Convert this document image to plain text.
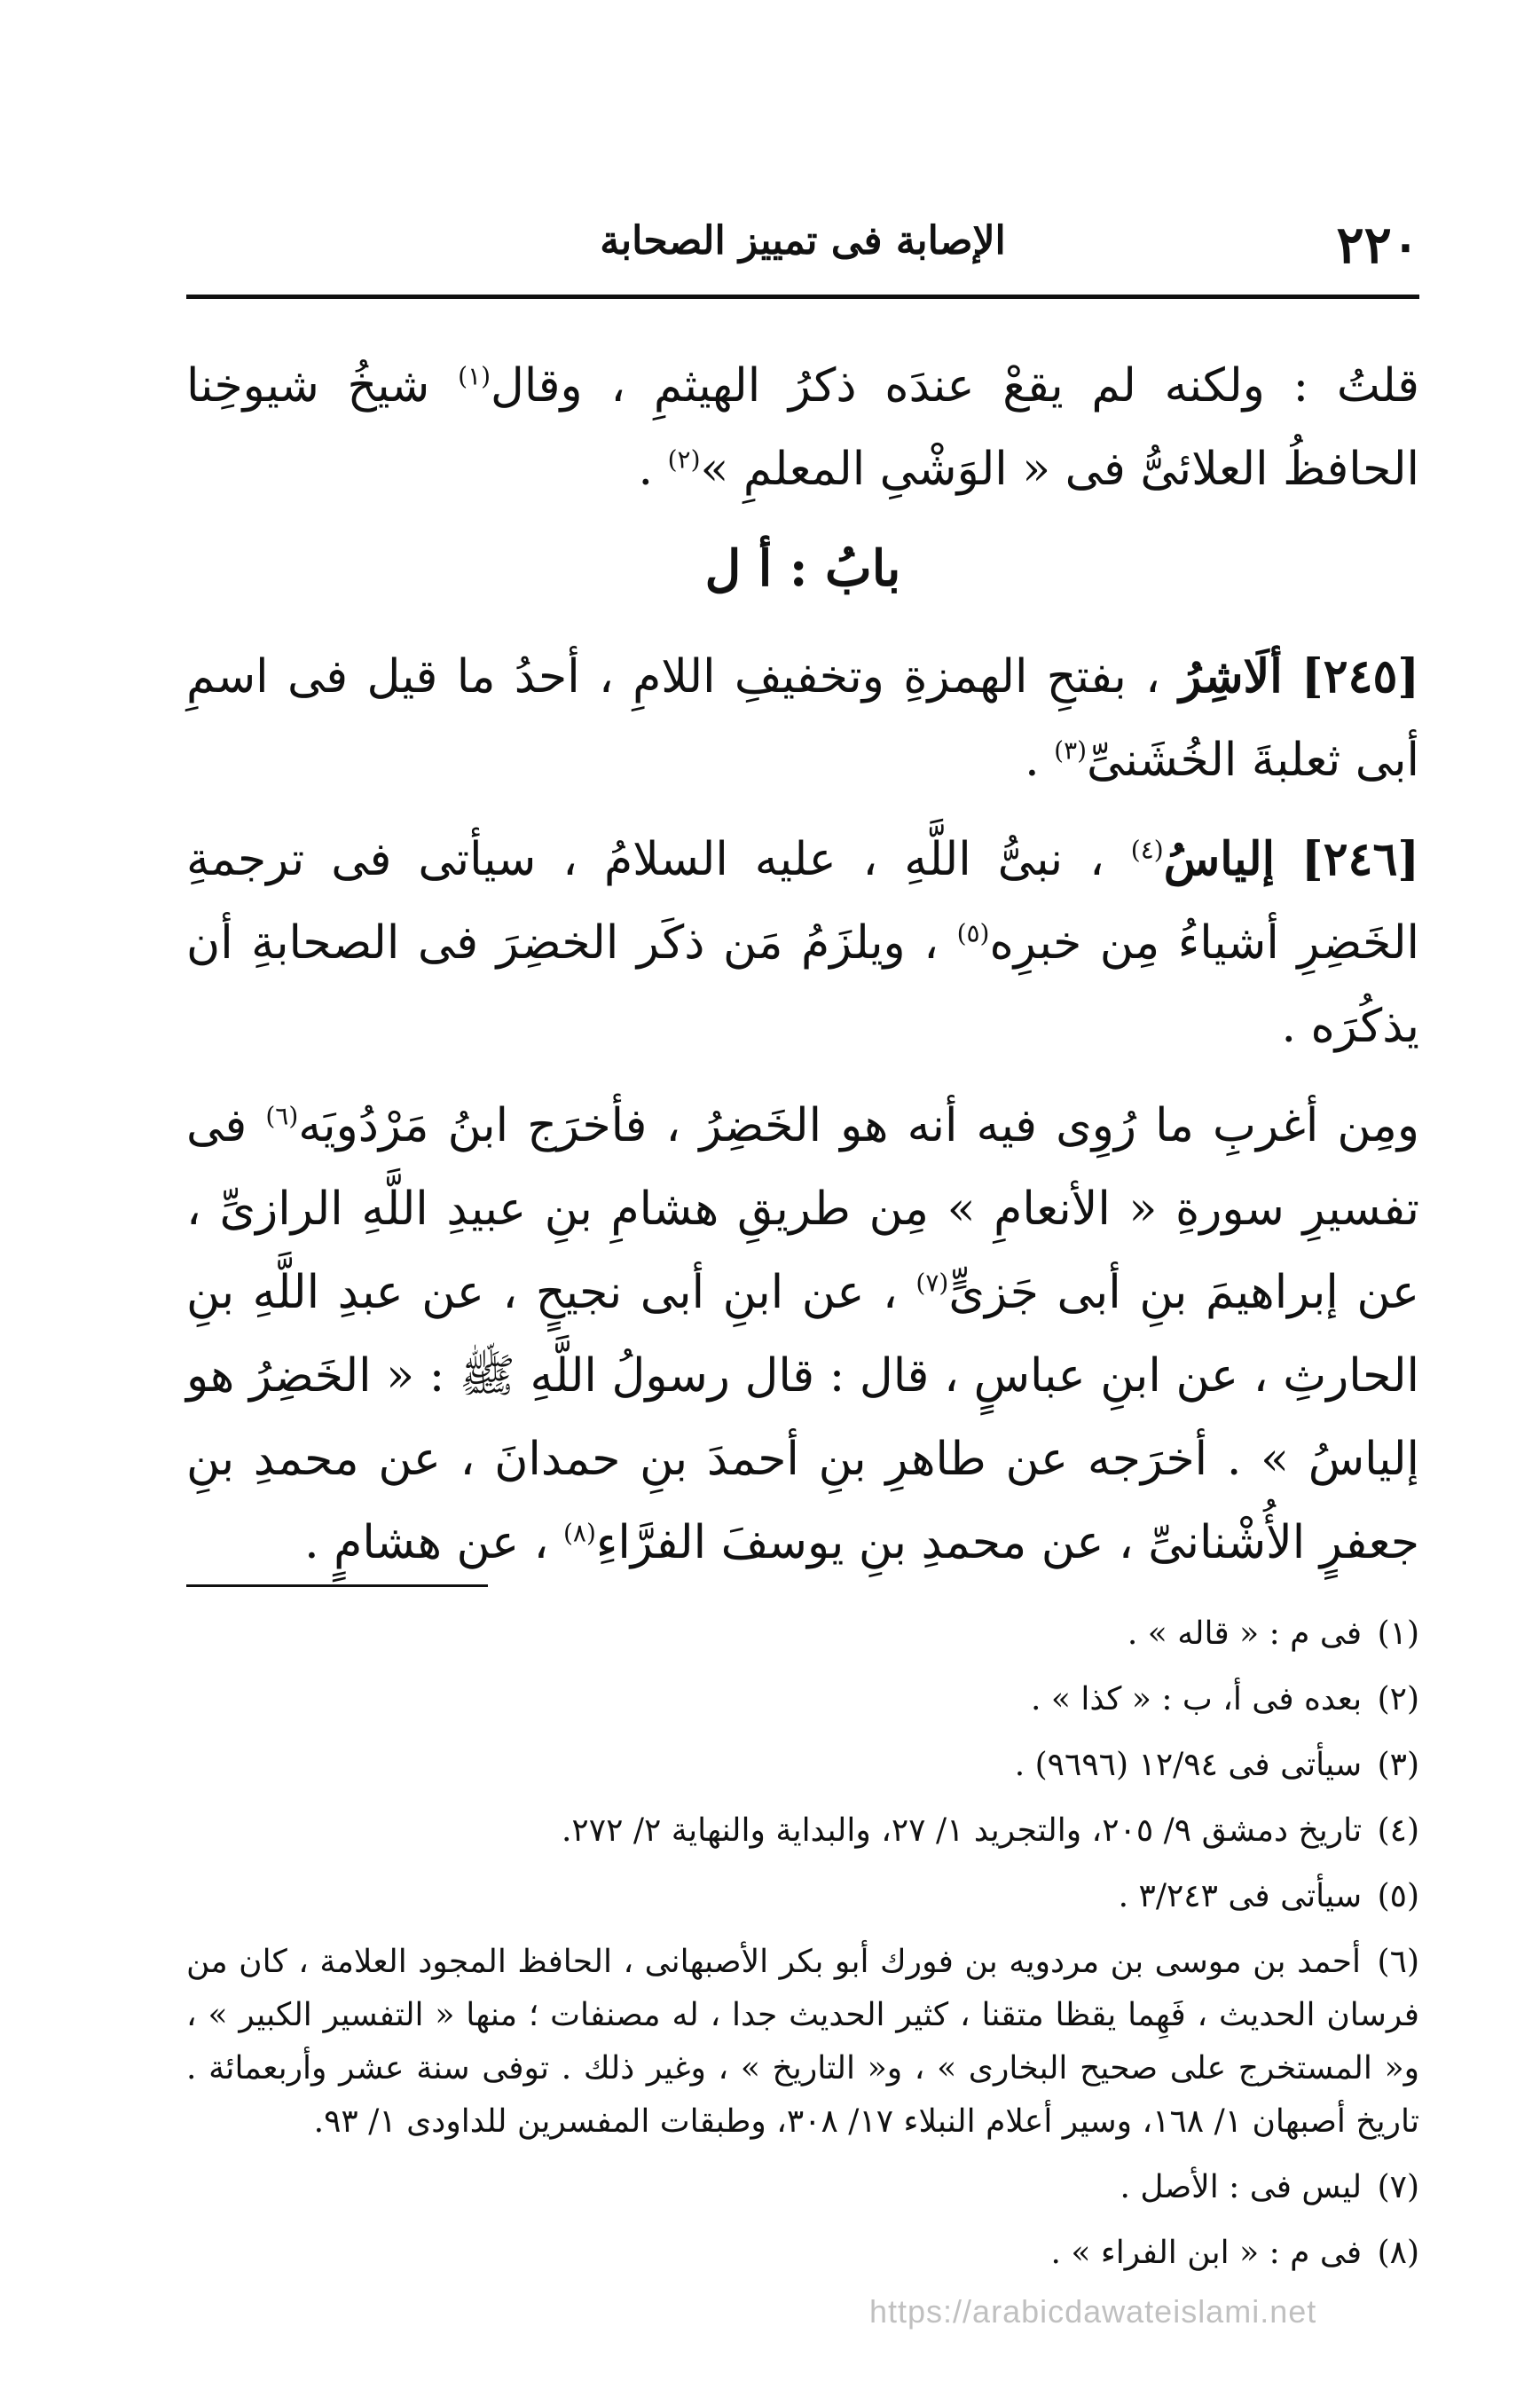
٢٢٠
الإصابة فى تمييز الصحابة

قلتُ : ولكنه لم يقعْ عندَه ذكرُ الهيثمِ ، وقال$^{(١)}$ شيخُ شيوخِنا الحافظُ العلائىُّ فى « الوَشْىِ المعلمِ »$^{(٢)}$ .

بابُ : أ ل

[٢٤٥] ألَاشِرُ ، بفتحِ الهمزةِ وتخفيفِ اللامِ ، أحدُ ما قيل فى اسمِ أبى ثعلبةَ الخُشَنىِّ$^{(٣)}$ .

[٢٤٦] إلياسُ$^{(٤)}$ ، نبىُّ اللَّهِ ، عليه السلامُ ، سيأتى فى ترجمةِ الخَضِرِ أشياءُ مِن خبرِه$^{(٥)}$ ، ويلزَمُ مَن ذكَر الخضِرَ فى الصحابةِ أن يذكُرَه .

ومِن أغربِ ما رُوِى فيه أنه هو الخَضِرُ ، فأخرَج ابنُ مَرْدُويَه$^{(٦)}$ فى تفسيرِ سورةِ « الأنعامِ » مِن طريقِ هشامِ بنِ عبيدِ اللَّهِ الرازىِّ ، عن إبراهيمَ بنِ أبى جَزىٍّ$^{(٧)}$ ، عن ابنِ أبى نجيحٍ ، عن عبدِ اللَّهِ بنِ الحارثِ ، عن ابنِ عباسٍ ، قال : قال رسولُ اللَّهِ ﷺ : « الخَضِرُ هو إلياسُ » . أخرَجه عن طاهرِ بنِ أحمدَ بنِ حمدانَ ، عن محمدِ بنِ جعفرٍ الأُشْنانىِّ ، عن محمدِ بنِ يوسفَ الفرَّاءِ$^{(٨)}$ ، عن هشامٍ .

(١) فى م : « قاله » .

(٢) بعده فى أ، ب : « كذا » .

(٣) سيأتى فى ١٢/٩٤ (٩٦٩٦) .

(٤) تاريخ دمشق ٩/ ٢٠٥، والتجريد ١/ ٢٧، والبداية والنهاية ٢/ ٢٧٢.

(٥) سيأتى فى ٣/٢٤٣ .

(٦) أحمد بن موسى بن مردويه بن فورك أبو بكر الأصبهانى ، الحافظ المجود العلامة ، كان من فرسان الحديث ، فَهِما يقظا متقنا ، كثير الحديث جدا ، له مصنفات ؛ منها « التفسير الكبير » ، و« المستخرج على صحيح البخارى » ، و« التاريخ » ، وغير ذلك . توفى سنة عشر وأربعمائة . تاريخ أصبهان ١/ ١٦٨، وسير أعلام النبلاء ١٧/ ٣٠٨، وطبقات المفسرين للداودى ١/ ٩٣.

(٧) ليس فى : الأصل .

(٨) فى م : « ابن الفراء » .

https://arabicdawateislami.net
